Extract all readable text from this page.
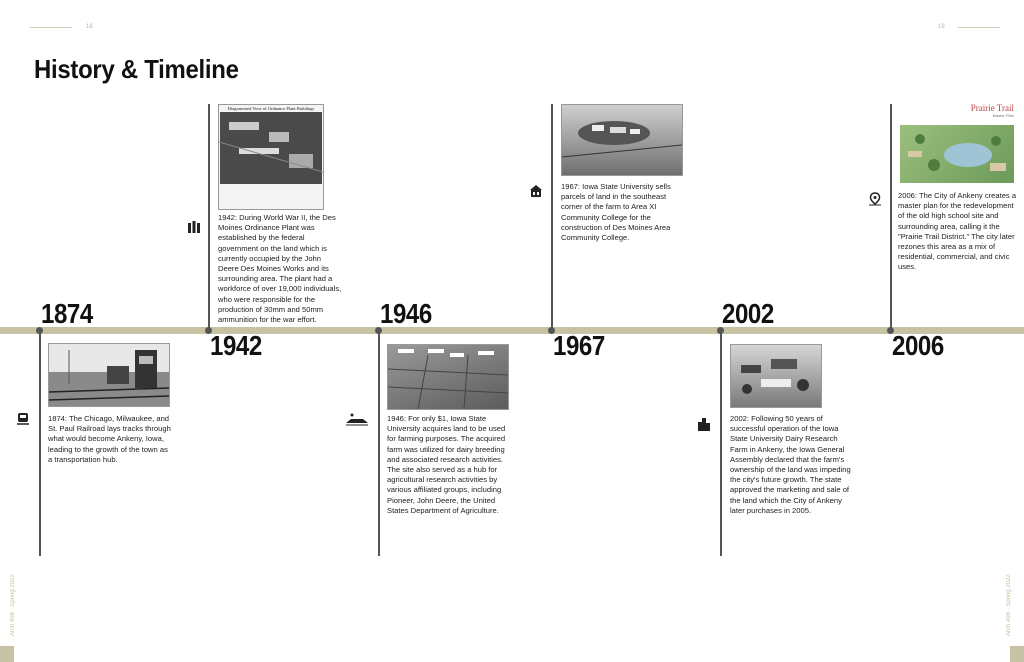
18	19
History & Timeline
Arch 498 · Spring 2022	Arch 498 · Spring 2022
1874
1942
1946
1967
2002
2006
1874: The Chicago, Milwaukee, and St. Paul Railroad lays tracks through what would become Ankeny, Iowa, leading to the growth of the town as a transportation hub.
Diagrammed View of Ordnance Plant Buildings
1942: During World War II, the Des Moines Ordinance Plant was established by the federal government on the land which is currently occupied by the John Deere Des Moines Works and its surrounding area. The plant had a workforce of over 19,000 individuals, who were responsible for the production of 30mm and 50mm ammunition for the war effort.
1946: For only $1, Iowa State University acquires land to be used for farming purposes. The acquired farm was utilized for dairy breeding and associated research activities. The site also served as a hub for agricultural research activities by various affiliated groups, including Pioneer, John Deere, the United States Department of Agriculture.
1967: Iowa State University sells parcels of land in the southeast corner of the farm to Area XI Community College for the construction of Des Moines Area Community College.
2002: Following 50 years of successful operation of the Iowa State University Dairy Research Farm in Ankeny, the Iowa General Assembly declared that the farm's ownership of the land was impeding the city's future growth. The state approved the marketing and sale of the land which the City of Ankeny later purchases in 2005.
Prairie Trail
Master Plan
2006: The City of Ankeny creates a master plan for the redevelopment of the old high school site and surrounding area, calling it the "Prairie Trail District." The city later rezones this area as a mix of residential, commercial, and civic uses.
